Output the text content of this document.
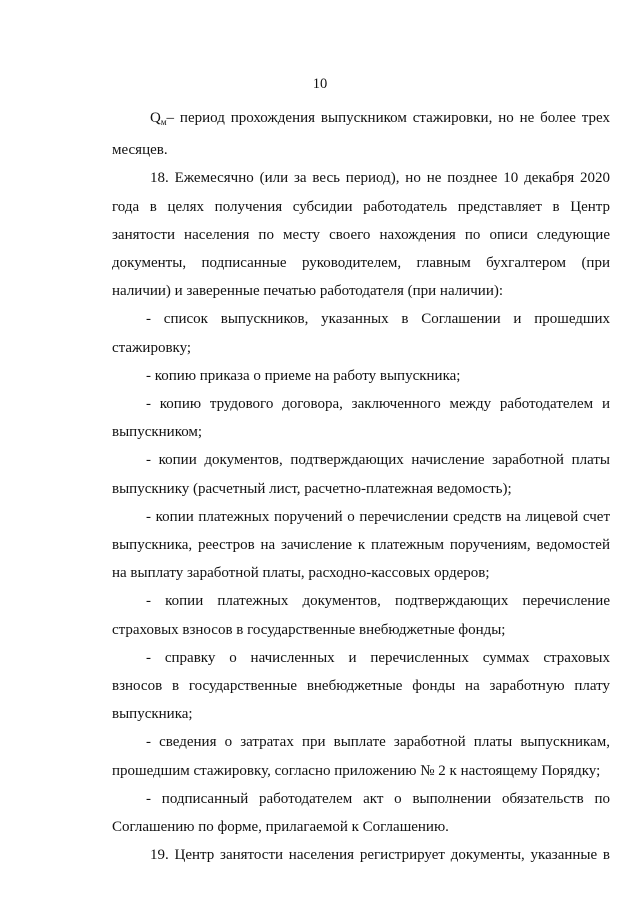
10
$Q_м-$ период прохождения выпускником стажировки, но не более трех
месяцев.
18. Ежемесячно (или за весь период), но не позднее 10 декабря 2020
года в целях получения субсидии работодатель представляет в Центр
занятости населения по месту своего нахождения по описи следующие
документы, подписанные руководителем, главным бухгалтером (при
наличии) и заверенные печатью работодателя (при наличии):
- список выпускников, указанных в Соглашении и прошедших
стажировку;
- копию приказа о приеме на работу выпускника;
- копию трудового договора, заключенного между работодателем и
выпускником;
- копии документов, подтверждающих начисление заработной платы
выпускнику (расчетный лист, расчетно-платежная ведомость);
- копии платежных поручений о перечислении средств на лицевой счет
выпускника, реестров на зачисление к платежным поручениям, ведомостей
на выплату заработной платы, расходно-кассовых ордеров;
- копии платежных документов, подтверждающих перечисление
страховых взносов в государственные внебюджетные фонды;
- справку о начисленных и перечисленных суммах страховых
взносов в государственные внебюджетные фонды на заработную плату
выпускника;
- сведения о затратах при выплате заработной платы выпускникам,
прошедшим стажировку, согласно приложению № 2 к настоящему Порядку;
- подписанный работодателем акт о выполнении обязательств по
Соглашению по форме, прилагаемой к Соглашению.
19. Центр занятости населения регистрирует документы, указанные в
